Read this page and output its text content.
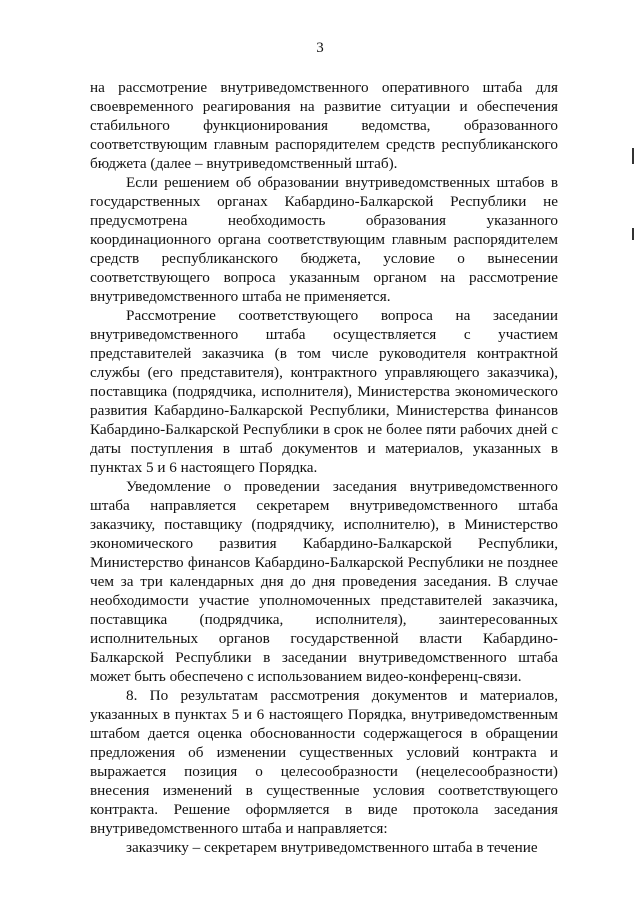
3

на рассмотрение внутриведомственного оперативного штаба для своевременного реагирования на развитие ситуации и обеспечения стабильного функционирования ведомства, образованного соответствующим главным распорядителем средств республиканского бюджета (далее – внутриведомственный штаб).

Если решением об образовании внутриведомственных штабов в государственных органах Кабардино-Балкарской Республики не предусмотрена необходимость образования указанного координационного органа соответствующим главным распорядителем средств республиканского бюджета, условие о вынесении соответствующего вопроса указанным органом на рассмотрение внутриведомственного штаба не применяется.

Рассмотрение соответствующего вопроса на заседании внутриведомственного штаба осуществляется с участием представителей заказчика (в том числе руководителя контрактной службы (его представителя), контрактного управляющего заказчика), поставщика (подрядчика, исполнителя), Министерства экономического развития Кабардино-Балкарской Республики, Министерства финансов Кабардино-Балкарской Республики в срок не более пяти рабочих дней с даты поступления в штаб документов и материалов, указанных в пунктах 5 и 6 настоящего Порядка.

Уведомление о проведении заседания внутриведомственного штаба направляется секретарем внутриведомственного штаба заказчику, поставщику (подрядчику, исполнителю), в Министерство экономического развития Кабардино-Балкарской Республики, Министерство финансов Кабардино-Балкарской Республики не позднее чем за три календарных дня до дня проведения заседания. В случае необходимости участие уполномоченных представителей заказчика, поставщика (подрядчика, исполнителя), заинтересованных исполнительных органов государственной власти Кабардино-Балкарской Республики в заседании внутриведомственного штаба может быть обеспечено с использованием видео-конференц-связи.

8. По результатам рассмотрения документов и материалов, указанных в пунктах 5 и 6 настоящего Порядка, внутриведомственным штабом дается оценка обоснованности содержащегося в обращении предложения об изменении существенных условий контракта и выражается позиция о целесообразности (нецелесообразности) внесения изменений в существенные условия соответствующего контракта. Решение оформляется в виде протокола заседания внутриведомственного штаба и направляется:

заказчику – секретарем внутриведомственного штаба в течение
